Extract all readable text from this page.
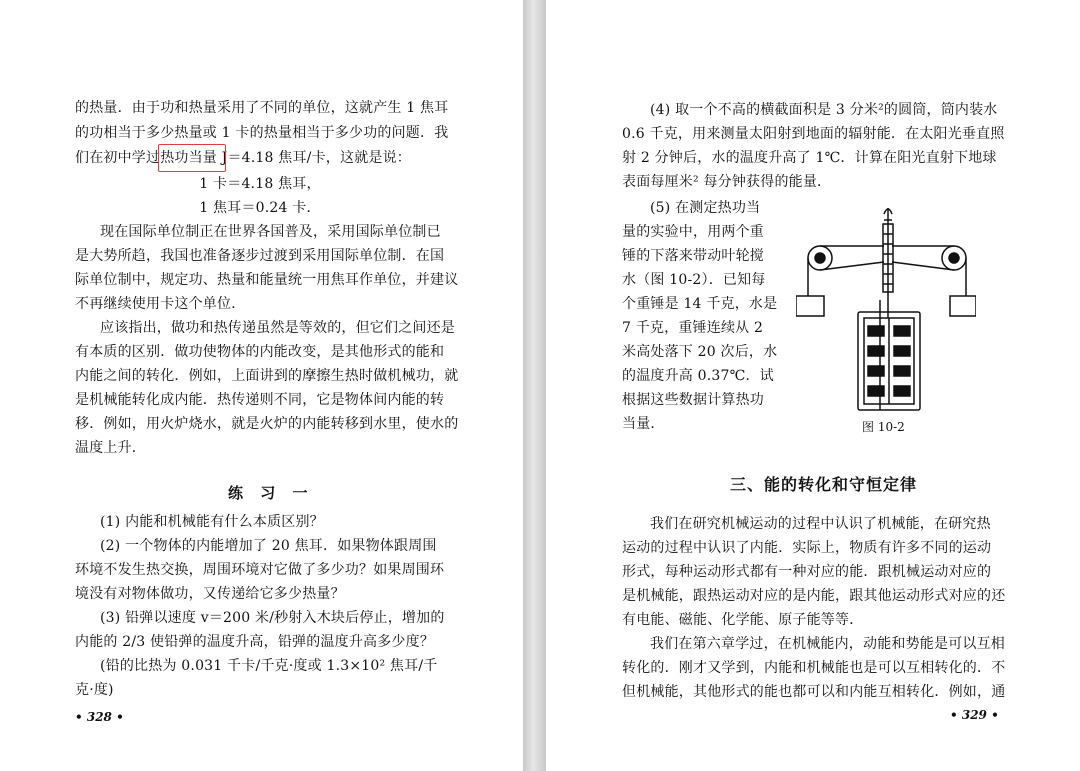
的热量．由于功和热量采用了不同的单位，这就产生 1 焦耳
的功相当于多少热量或 1 卡的热量相当于多少功的问题．我
们在初中学过热功当量 J＝4.18 焦耳/卡，这就是说：
1 卡＝4.18 焦耳，
1 焦耳＝0.24 卡．
现在国际单位制正在世界各国普及，采用国际单位制已
是大势所趋，我国也准备逐步过渡到采用国际单位制．在国
际单位制中，规定功、热量和能量统一用焦耳作单位，并建议
不再继续使用卡这个单位．
应该指出，做功和热传递虽然是等效的，但它们之间还是
有本质的区别．做功使物体的内能改变，是其他形式的能和
内能之间的转化．例如，上面讲到的摩擦生热时做机械功，就
是机械能转化成内能．热传递则不同，它是物体间内能的转
移．例如，用火炉烧水，就是火炉的内能转移到水里，使水的
温度上升．
练 习 一
(1) 内能和机械能有什么本质区别？
(2) 一个物体的内能增加了 20 焦耳．如果物体跟周围
环境不发生热交换，周围环境对它做了多少功？如果周围环
境没有对物体做功，又传递给它多少热量？
(3) 铅弹以速度 v＝200 米/秒射入木块后停止，增加的
内能的 2/3 使铅弹的温度升高，铅弹的温度升高多少度？
(铅的比热为 0.031 千卡/千克·度或 1.3×10² 焦耳/千
克·度)
• 328 •
(4) 取一个不高的横截面积是 3 分米²的圆筒，筒内装水
0.6 千克，用来测量太阳射到地面的辐射能．在太阳光垂直照
射 2 分钟后，水的温度升高了 1℃．计算在阳光直射下地球
表面每厘米² 每分钟获得的能量．
(5) 在测定热功当
量的实验中，用两个重
锤的下落来带动叶轮搅
水（图 10-2）．已知每
个重锤是 14 千克，水是
7 千克，重锤连续从 2
米高处落下 20 次后，水
的温度升高 0.37℃．试
根据这些数据计算热功
当量．	图 10-2
三、能的转化和守恒定律
我们在研究机械运动的过程中认识了机械能，在研究热
运动的过程中认识了内能．实际上，物质有许多不同的运动
形式，每种运动形式都有一种对应的能．跟机械运动对应的
是机械能，跟热运动对应的是内能，跟其他运动形式对应的还
有电能、磁能、化学能、原子能等等．
我们在第六章学过，在机械能内，动能和势能是可以互相
转化的．刚才又学到，内能和机械能也是可以互相转化的．不
但机械能，其他形式的能也都可以和内能互相转化．例如，通
• 329 •
